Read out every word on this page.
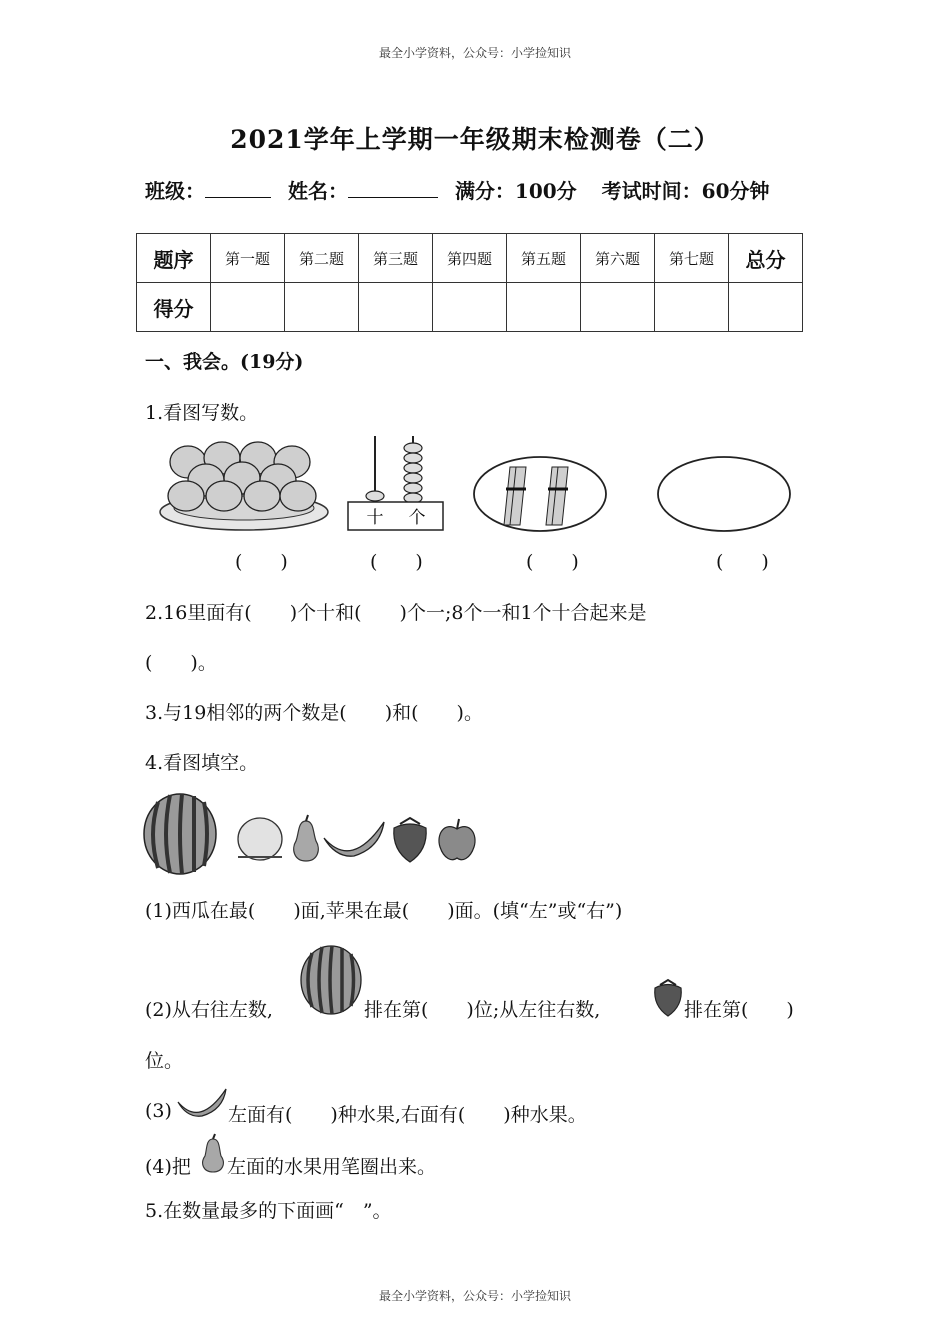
最全小学资料，公众号：小学捡知识
最全小学资料，公众号：小学捡知识
2021学年上学期一年级期末检测卷（二）
班级：	姓名：	满分：100分 考试时间：60分钟
题序	第一题	第二题	第三题	第四题	第五题	第六题	第七题	总分
得分								
一、我会。(19分)
1.看图写数。
十 个
(　　)	(　　)	(　　)	(　　)
2.16里面有(　　)个十和(　　)个一;8个一和1个十合起来是
(　　)。
3.与19相邻的两个数是(　　)和(　　)。
4.看图填空。
(1)西瓜在最(　　)面,苹果在最(　　)面。(填“左”或“右”)
(2)从右往左数,	排在第(　　)位;从左往右数,	排在第(　　)
位。
(3)	左面有(　　)种水果,右面有(　　)种水果。
(4)把 左面的水果用笔圈出来。
5.在数量最多的下面画“　”。
